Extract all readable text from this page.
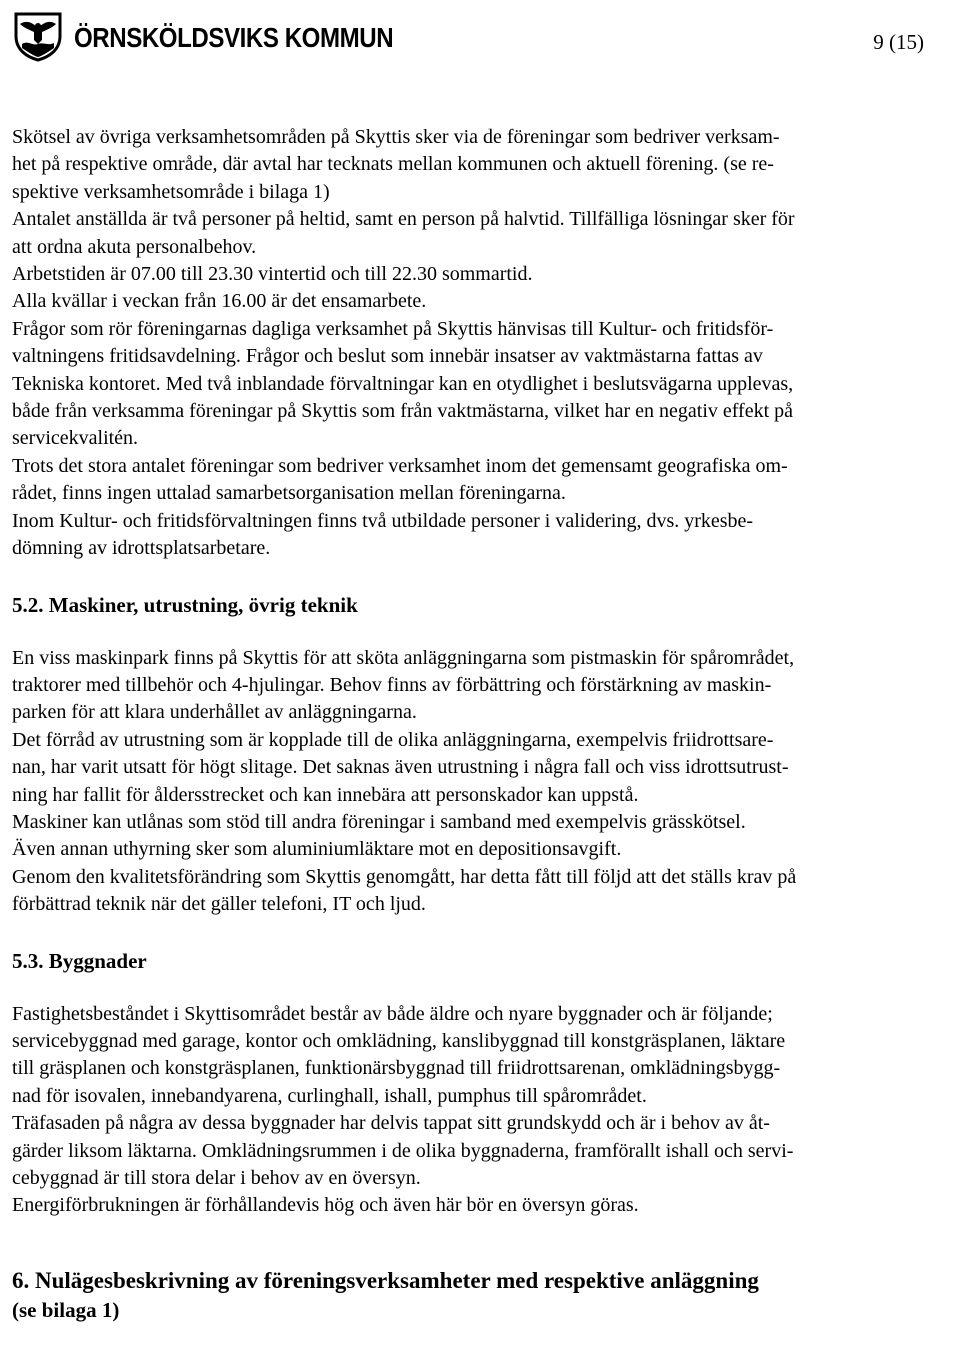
ÖRNSKÖLDSVIKS KOMMUN	9 (15)

Skötsel av övriga verksamhetsområden på Skyttis sker via de föreningar som bedriver verksam-

het på respektive område, där avtal har tecknats mellan kommunen och aktuell förening. (se re-

spektive verksamhetsområde i bilaga 1)

Antalet anställda är två personer på heltid, samt en person på halvtid. Tillfälliga lösningar sker för

att ordna akuta personalbehov.

Arbetstiden är 07.00 till 23.30 vintertid och till 22.30 sommartid.

Alla kvällar i veckan från 16.00 är det ensamarbete.

Frågor som rör föreningarnas dagliga verksamhet på Skyttis hänvisas till Kultur- och fritidsför-

valtningens fritidsavdelning. Frågor och beslut som innebär insatser av vaktmästarna fattas av

Tekniska kontoret. Med två inblandade förvaltningar kan en otydlighet i beslutsvägarna upplevas,

både från verksamma föreningar på Skyttis som från vaktmästarna, vilket har en negativ effekt på

servicekvalitén.

Trots det stora antalet föreningar som bedriver verksamhet inom det gemensamt geografiska om-

rådet, finns ingen uttalad samarbetsorganisation mellan föreningarna.

Inom Kultur- och fritidsförvaltningen finns två utbildade personer i validering, dvs. yrkesbe-

dömning av idrottsplatsarbetare.

5.2. Maskiner, utrustning, övrig teknik

En viss maskinpark finns på Skyttis för att sköta anläggningarna som pistmaskin för spårområdet,

traktorer med tillbehör och 4-hjulingar. Behov finns av förbättring och förstärkning av maskin-

parken för att klara underhållet av anläggningarna.

Det förråd av utrustning som är kopplade till de olika anläggningarna, exempelvis friidrottsare-

nan, har varit utsatt för högt slitage. Det saknas även utrustning i några fall och viss idrottsutrust-

ning har fallit för åldersstrecket och kan innebära att personskador kan uppstå.

Maskiner kan utlånas som stöd till andra föreningar i samband med exempelvis grässkötsel.

Även annan uthyrning sker som aluminiumläktare mot en depositionsavgift.

Genom den kvalitetsförändring som Skyttis genomgått, har detta fått till följd att det ställs krav på

förbättrad teknik när det gäller telefoni, IT och ljud.

5.3. Byggnader

Fastighetsbeståndet i Skyttisområdet består av både äldre och nyare byggnader och är följande;

servicebyggnad med garage, kontor och omklädning, kanslibyggnad till konstgräsplanen, läktare

till gräsplanen och konstgräsplanen, funktionärsbyggnad till friidrottsarenan, omklädningsbygg-

nad för isovalen, innebandyarena, curlinghall, ishall, pumphus till spårområdet.

Träfasaden på några av dessa byggnader har delvis tappat sitt grundskydd och är i behov av åt-

gärder liksom läktarna. Omklädningsrummen i de olika byggnaderna, framförallt ishall och servi-

cebyggnad är till stora delar i behov av en översyn.

Energiförbrukningen är förhållandevis hög och även här bör en översyn göras.

6. Nulägesbeskrivning av föreningsverksamheter med respektive anläggning

(se bilaga 1)
